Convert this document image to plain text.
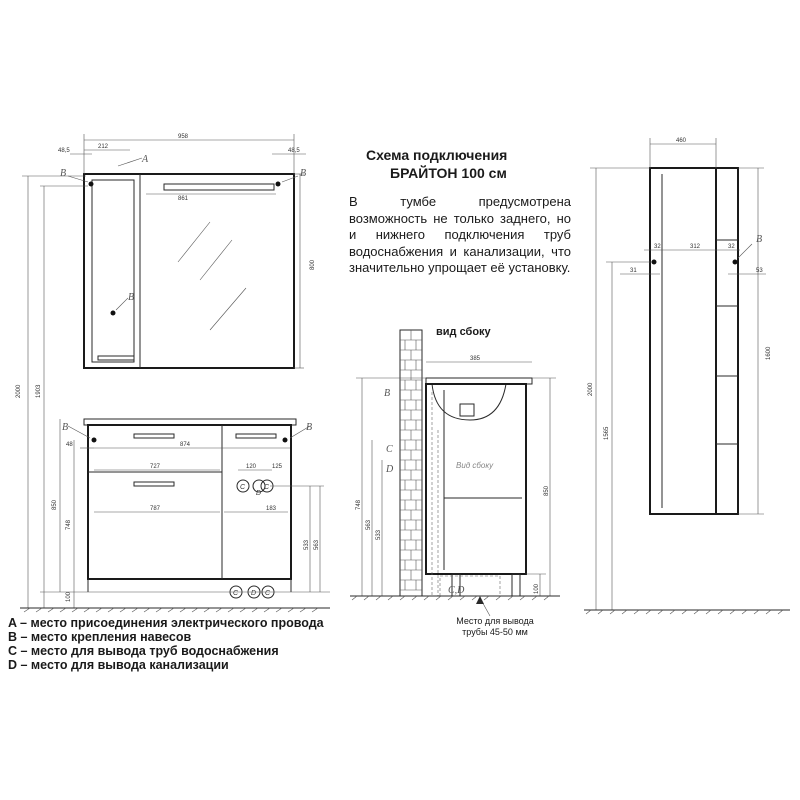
958
48,5
212
48,5
861
800
2000 1903
A
B	B
B
C
D
C
C D C
48	874
727	120	125
787	183
850
748
533 563
100
B	B
Вид сбоку
C,D
385
748
563
533
850
100
B
C
D
460
32	312	32
31	53
1600
2000
1565
B
Схема подключения
БРАЙТОН 100 см
В тумбе предусмотрена возможность не только заднего, но и нижнего подключения труб водоснабжения и канализации, что значительно упрощает её установку.
вид сбоку
Место для вывода трубы 45-50 мм
A – место присоединения электрического провода
B – место крепления навесов
C – место для вывода труб водоснабжения
D – место для вывода канализации
